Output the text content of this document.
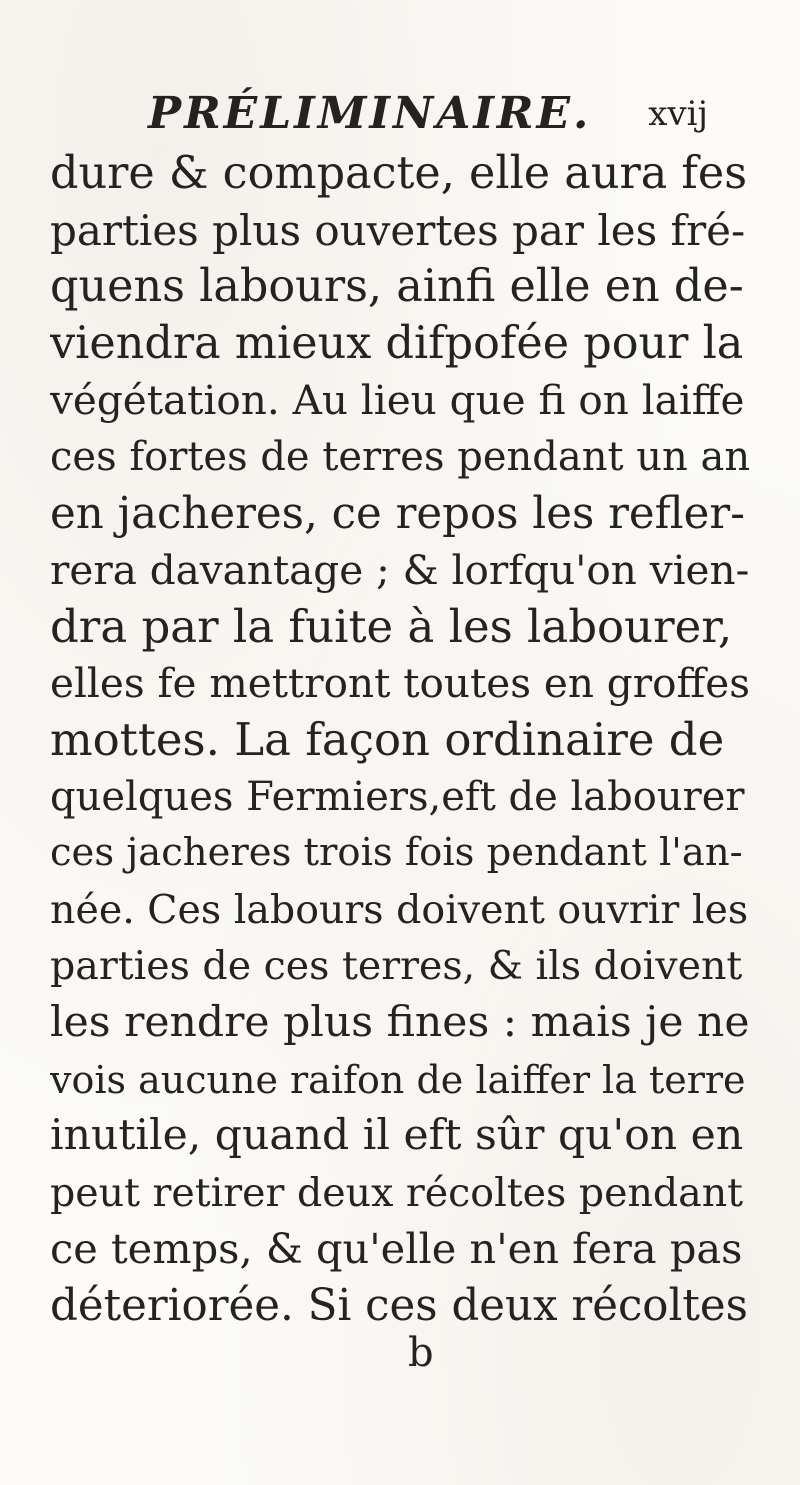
PRÉLIMINAIRE. xvij
dure & compacte, elle aura fes
parties plus ouvertes par les fré-
quens labours, ainfi elle en de-
viendra mieux difpofée pour la
végétation. Au lieu que fi on laiffe
ces fortes de terres pendant un an
en jacheres, ce repos les refler-
rera davantage ; & lorfqu'on vien-
dra par la fuite à les labourer,
elles fe mettront toutes en groffes
mottes. La façon ordinaire de
quelques Fermiers,eft de labourer
ces jacheres trois fois pendant l'an-
née. Ces labours doivent ouvrir les
parties de ces terres, & ils doivent
les rendre plus fines : mais je ne
vois aucune raifon de laiffer la terre
inutile, quand il eft sûr qu'on en
peut retirer deux récoltes pendant
ce temps, & qu'elle n'en fera pas
déteriorée. Si ces deux récoltes
b
